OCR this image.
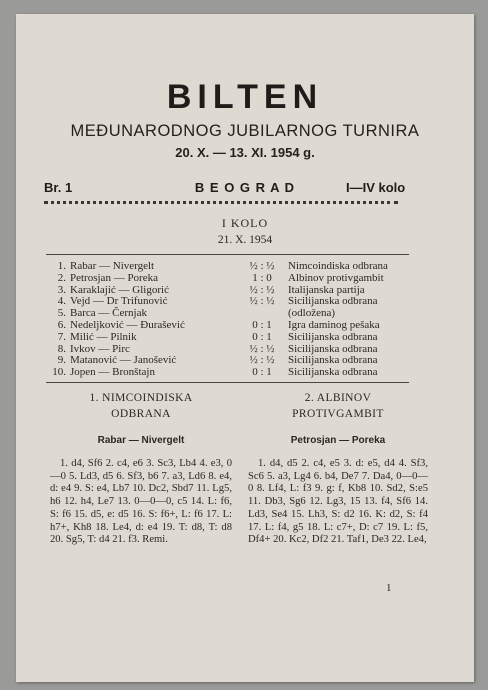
BILTEN
MEĐUNARODNOG JUBILARNOG TURNIRA
20. X. — 13. XI. 1954 g.
Br. 1	B E O G R A D	I—IV kolo
I KOLO
21. X. 1954
1. Rabar — Nivergelt	½ : ½	Nimcoindiska odbrana
2. Petrosjan — Poreka	1 : 0	Albinov protivgambit
3. Karaklajić — Gligorić	½ : ½	Italijanska partija
4. Vejd — Dr Trifunović	½ : ½	Sicilijanska odbrana
5. Barca — Černjak	(odložena)
6. Nedeljković — Đurašević	0 : 1	Igra daminog pešaka
7. Milić — Pilnik	0 : 1	Sicilijanska odbrana
8. Ivkov — Pirc	½ : ½	Sicilijanska odbrana
9. Matanović — Janošević	½ : ½	Sicilijanska odbrana
10. Jopen — Bronštajn	0 : 1	Sicilijanska odbrana
1. NIMCOINDISKA ODBRANA
Rabar — Nivergelt
1. d4, Sf6 2. c4, e6 3. Sc3, Lb4 4. e3, 0—0 5. Ld3, d5 6. Sf3, b6 7. a3, Ld6 8. e4, d: e4 9. S: e4, Lb7 10. Dc2, Sbd7 11. Lg5, h6 12. h4, Le7 13. 0—0—0, c5 14. L: f6, S: f6 15. d5, e: d5 16. S: f6+, L: f6 17. L: h7+, Kh8 18. Le4, d: e4 19. T: d8, T: d8 20. Sg5, T: d4 21. f3. Remi.
2. ALBINOV PROTIVGAMBIT
Petrosjan — Poreka
1. d4, d5 2. c4, e5 3. d: e5, d4 4. Sf3, Sc6 5. a3, Lg4 6. b4, De7 7. Da4, 0—0—0 8. Lf4, L: f3 9. g: f, Kb8 10. Sd2, S:e5 11. Db3, Sg6 12. Lg3, 15 13. f4, Sf6 14. Ld3, Se4 15. Lh3, S: d2 16. K: d2, S: f4 17. L: f4, g5 18. L: c7+, D: c7 19. L: f5, Df4+ 20. Kc2, Df2 21. Taf1, De3 22. Le4,
1
